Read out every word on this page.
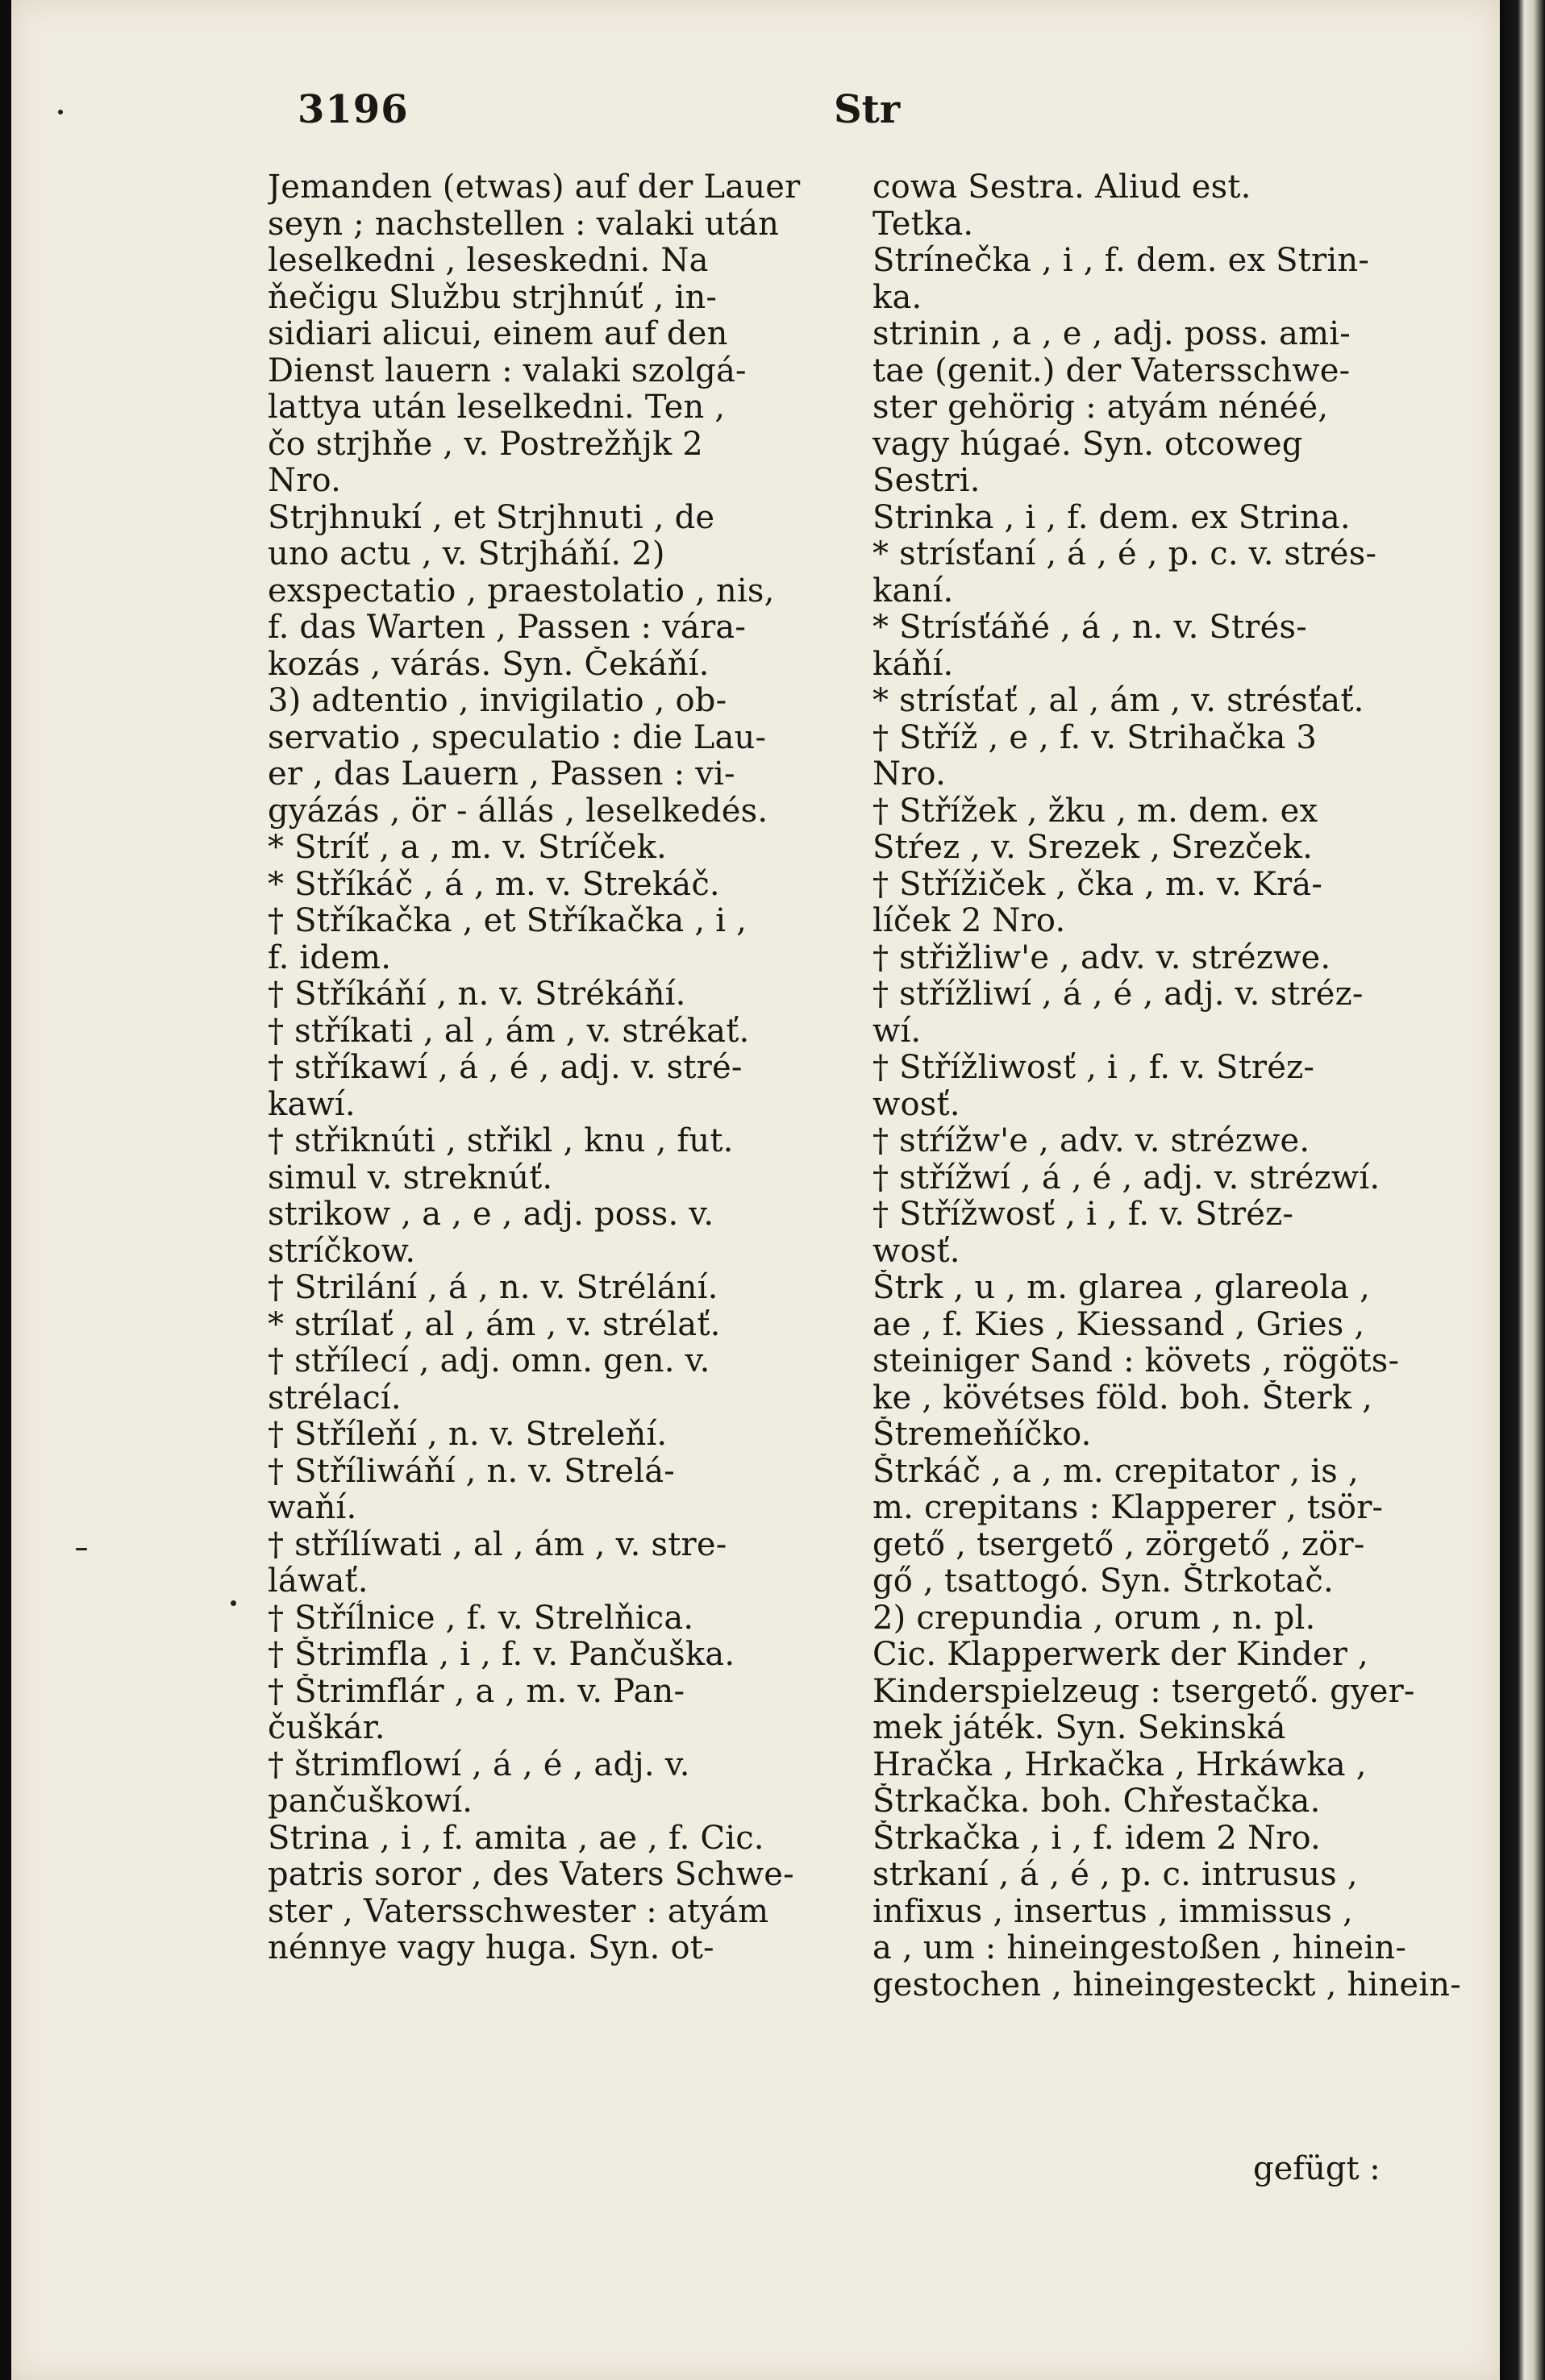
3196	Str
Jemanden (etwas) auf der Lauer
seyn ; nachstellen : valaki után
leselkedni , leseskedni. Na
ňečigu Službu strjhnúť , in-
sidiari alicui, einem auf den
Dienst lauern : valaki szolgá-
lattya után leselkedni. Ten ,
čo strjhňe , v. Postrežňjk 2
Nro.
Strjhnukí , et Strjhnuti , de
uno actu , v. Strjháňí. 2)
exspectatio , praestolatio , nis,
f. das Warten , Passen : vára-
kozás , várás. Syn. Čekáňí.
3) adtentio , invigilatio , ob-
servatio , speculatio : die Lau-
er , das Lauern , Passen : vi-
gyázás , ör - állás , leselkedés.
* Stríť , a , m. v. Stríček.
* Stříkáč , á , m. v. Strekáč.
† Stříkačka , et Stříkačka , i ,
f. idem.
† Stříkáňí , n. v. Strékáňí.
† stříkati , al , ám , v. strékať.
† stříkawí , á , é , adj. v. stré-
kawí.
† střiknúti , střikl , knu , fut.
simul v. streknúť.
strikow , a , e , adj. poss. v.
stríčkow.
† Strilání , á , n. v. Strélání.
* strílať , al , ám , v. strélať.
† střílecí , adj. omn. gen. v.
strélací.
† Stříleňí , n. v. Streleňí.
† Stříliwáňí , n. v. Strelá-
waňí.
† střílíwati , al , ám , v. stre-
láwať.
† Stříĺnice , f. v. Strelňica.
† Štrimfla , i , f. v. Pančuška.
† Štrimflár , a , m. v. Pan-
čuškár.
† štrimflowí , á , é , adj. v.
pančuškowí.
Strina , i , f. amita , ae , f. Cic.
patris soror , des Vaters Schwe-
ster , Vatersschwester : atyám
nénnye vagy huga. Syn. ot-
cowa Sestra. Aliud est.
Tetka.
Strínečka , i , f. dem. ex Strin-
ka.
strinin , a , e , adj. poss. ami-
tae (genit.) der Vatersschwe-
ster gehörig : atyám nénéé,
vagy húgaé. Syn. otcoweg
Sestri.
Strinka , i , f. dem. ex Strina.
* strísťaní , á , é , p. c. v. strés-
kaní.
* Strísťáňé , á , n. v. Strés-
káňí.
* strísťať , al , ám , v. strésťať.
† Stříž , e , f. v. Strihačka 3
Nro.
† Střížek , žku , m. dem. ex
Stŕez , v. Srezek , Srezček.
† Střížiček , čka , m. v. Krá-
líček 2 Nro.
† střižliw'e , adv. v. strézwe.
† střížliwí , á , é , adj. v. stréz-
wí.
† Střížliwosť , i , f. v. Stréz-
wosť.
† stŕížw'e , adv. v. strézwe.
† střížwí , á , é , adj. v. strézwí.
† Střížwosť , i , f. v. Stréz-
wosť.
Štrk , u , m. glarea , glareola ,
ae , f. Kies , Kiessand , Gries ,
steiniger Sand : követs , rögöts-
ke , kövétses föld. boh. Šterk ,
Štremeňíčko.
Štrkáč , a , m. crepitator , is ,
m. crepitans : Klapperer , tsör-
gető , tsergető , zörgető , zör-
gő , tsattogó. Syn. Štrkotač.
2) crepundia , orum , n. pl.
Cic. Klapperwerk der Kinder ,
Kinderspielzeug : tsergető. gyer-
mek játék. Syn. Sekinská
Hračka , Hrkačka , Hrkáwka ,
Štrkačka. boh. Chřestačka.
Štrkačka , i , f. idem 2 Nro.
strkaní , á , é , p. c. intrusus ,
infixus , insertus , immissus ,
a , um : hineingestoßen , hinein-
gestochen , hineingesteckt , hinein-
gefügt :
